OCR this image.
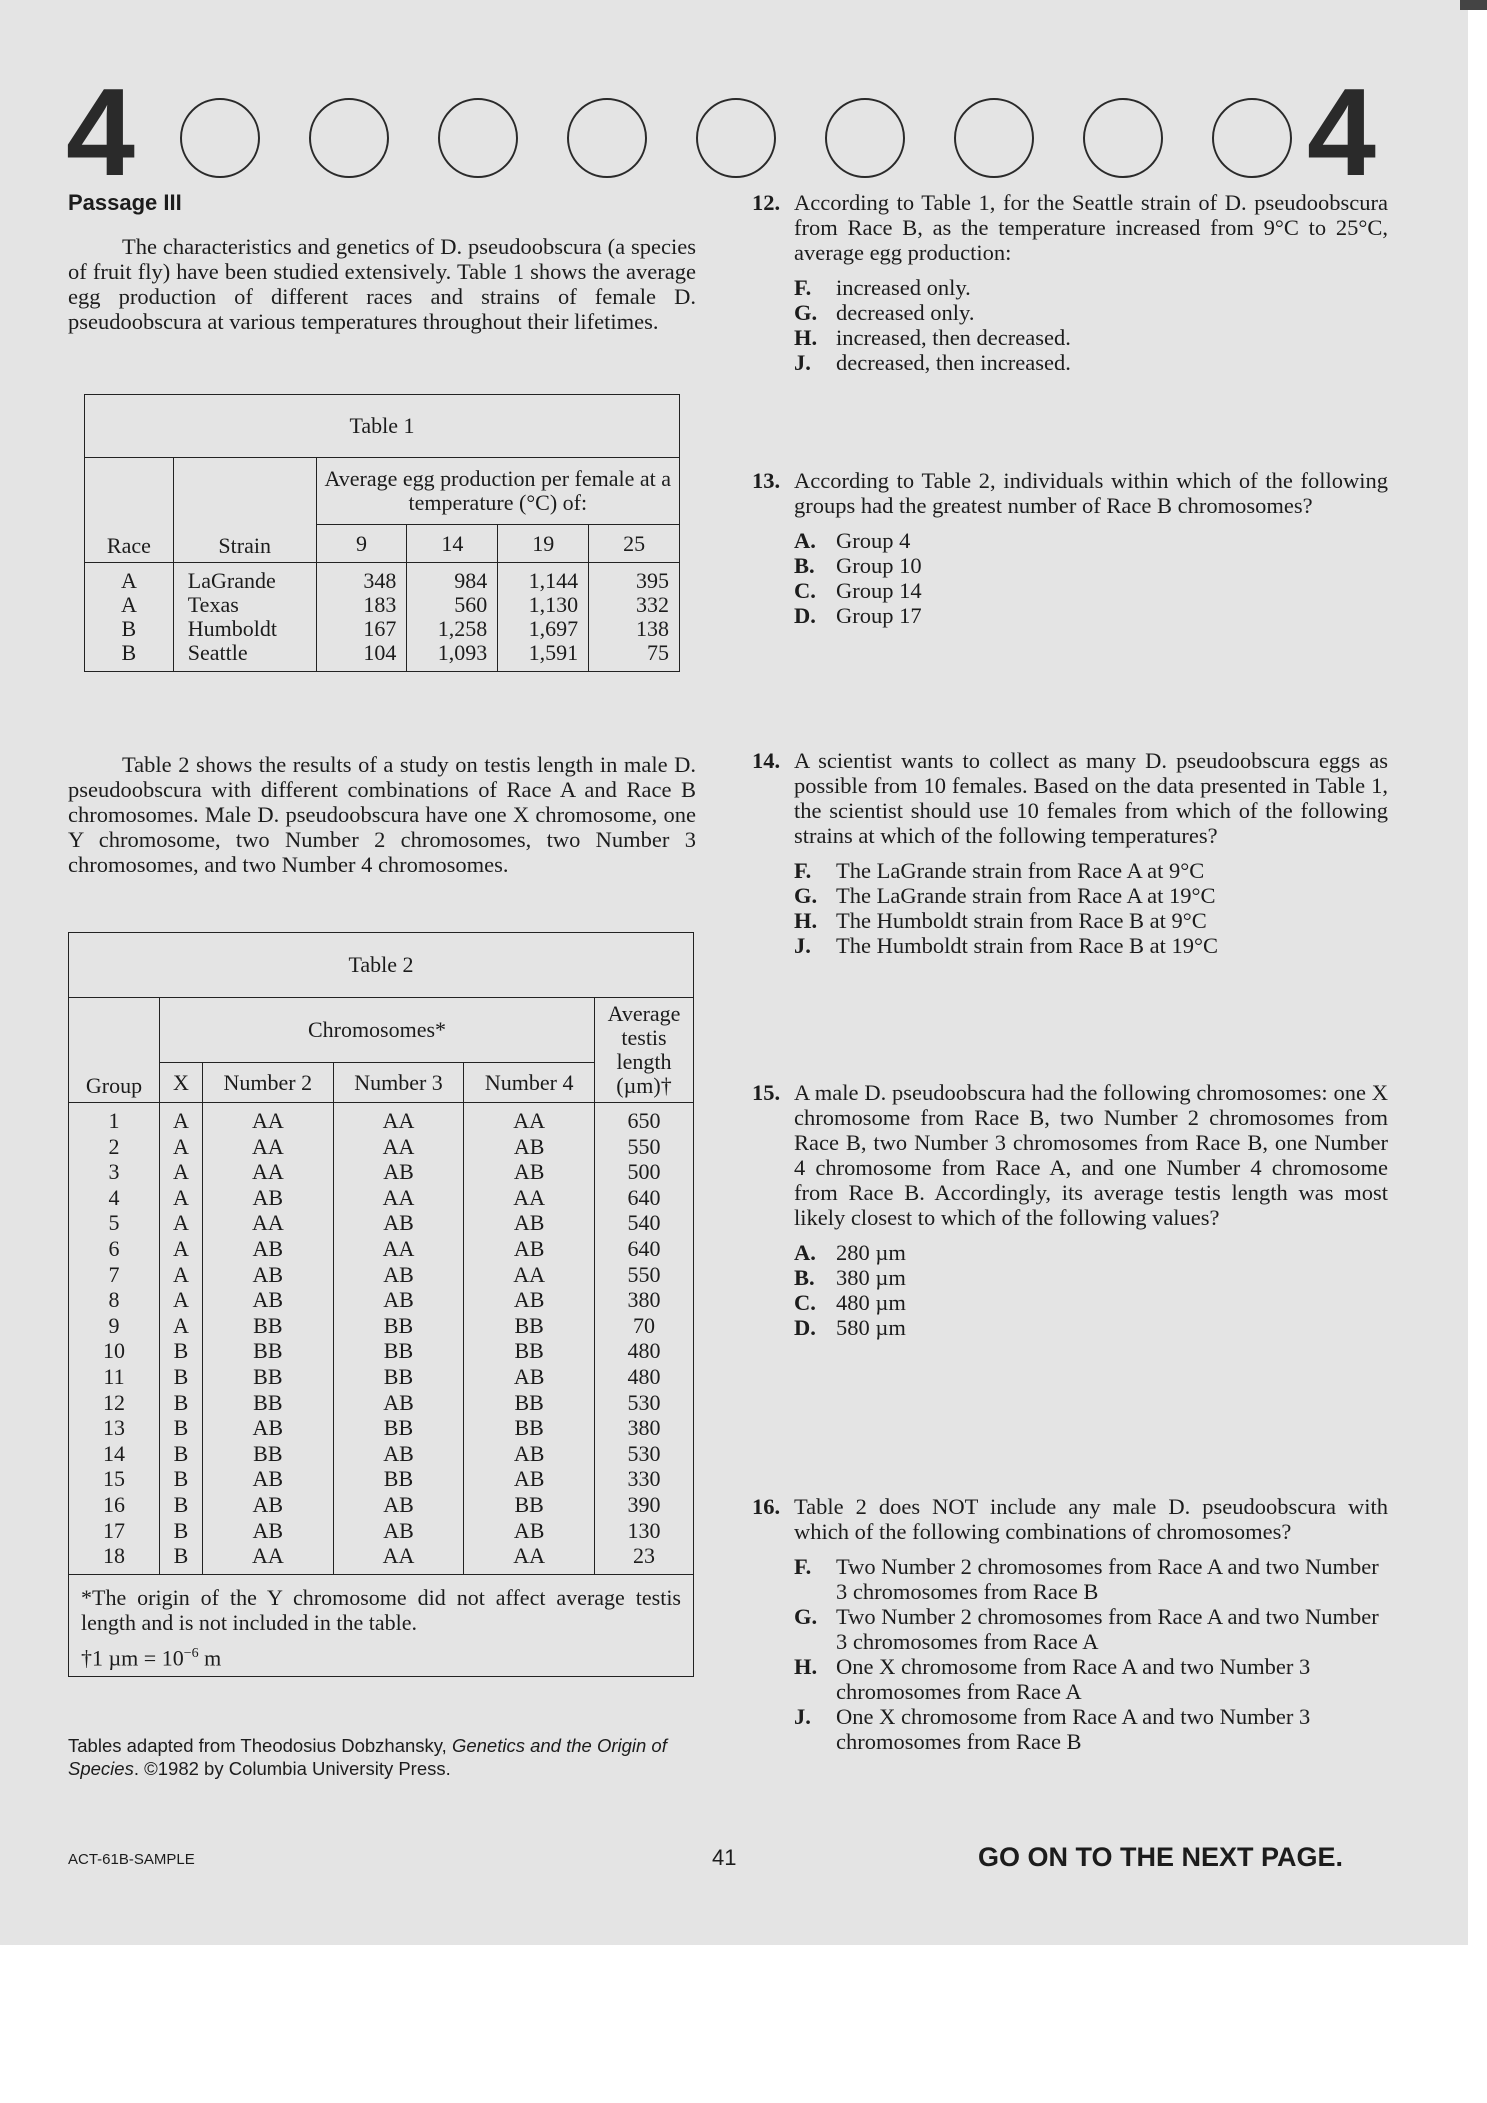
4	4
Passage III

The characteristics and genetics of D. pseudoobscura (a species of fruit fly) have been studied extensively. Table 1 shows the average egg production of different races and strains of female D. pseudoobscura at various temperatures throughout their lifetimes.

Table 1					
Race	Strain	Average egg production per female at a temperature (°C) of:			
		9	14	19	25
A	LaGrande	348	984	1,144	395
A	Texas	183	560	1,130	332
B	Humboldt	167	1,258	1,697	138
B	Seattle	104	1,093	1,591	75

Table 2 shows the results of a study on testis length in male D. pseudoobscura with different combinations of Race A and Race B chromosomes. Male D. pseudoobscura have one X chromosome, one Y chromosome, two Number 2 chromosomes, two Number 3 chromosomes, and two Number 4 chromosomes.

Table 2					
Group	Chromosomes*				Average testis length (µm)†
	X	Number 2	Number 3	Number 4	
1	A	AA	AA	AA	650
2	A	AA	AA	AB	550
3	A	AA	AB	AB	500
4	A	AB	AA	AA	640
5	A	AA	AB	AB	540
6	A	AB	AA	AB	640
7	A	AB	AB	AA	550
8	A	AB	AB	AB	380
9	A	BB	BB	BB	70
10	B	BB	BB	BB	480
11	B	BB	BB	AB	480
12	B	BB	AB	BB	530
13	B	AB	BB	BB	380
14	B	BB	AB	AB	530
15	B	AB	BB	AB	330
16	B	AB	AB	BB	390
17	B	AB	AB	AB	130
18	B	AA	AA	AA	23

*The origin of the Y chromosome did not affect average testis length and is not included in the table.
†1 $\mu m = 10^{-6}$ m					
Tables adapted from Theodosius Dobzhansky, Genetics and the Origin of Species. ©1982 by Columbia University Press.
12. According to Table 1, for the Seattle strain of D. pseudoobscura from Race B, as the temperature increased from 9°C to 25°C, average egg production:
F. increased only.
G. decreased only.
H. increased, then decreased.
J. decreased, then increased.
13. According to Table 2, individuals within which of the following groups had the greatest number of Race B chromosomes?
A. Group 4
B. Group 10
C. Group 14
D. Group 17
14. A scientist wants to collect as many D. pseudoobscura eggs as possible from 10 females. Based on the data presented in Table 1, the scientist should use 10 females from which of the following strains at which of the following temperatures?
F. The LaGrande strain from Race A at 9°C
G. The LaGrande strain from Race A at 19°C
H. The Humboldt strain from Race B at 9°C
J. The Humboldt strain from Race B at 19°C
15. A male D. pseudoobscura had the following chromosomes: one X chromosome from Race B, two Number 2 chromosomes from Race B, two Number 3 chromosomes from Race B, one Number 4 chromosome from Race A, and one Number 4 chromosome from Race B. Accordingly, its average testis length was most likely closest to which of the following values?
A. 280 µm
B. 380 µm
C. 480 µm
D. 580 µm
16. Table 2 does NOT include any male D. pseudoobscura with which of the following combinations of chromosomes?
F. Two Number 2 chromosomes from Race A and two Number 3 chromosomes from Race B
G. Two Number 2 chromosomes from Race A and two Number 3 chromosomes from Race A
H. One X chromosome from Race A and two Number 3 chromosomes from Race A
J. One X chromosome from Race A and two Number 3 chromosomes from Race B
ACT-61B-SAMPLE	41	GO ON TO THE NEXT PAGE.
